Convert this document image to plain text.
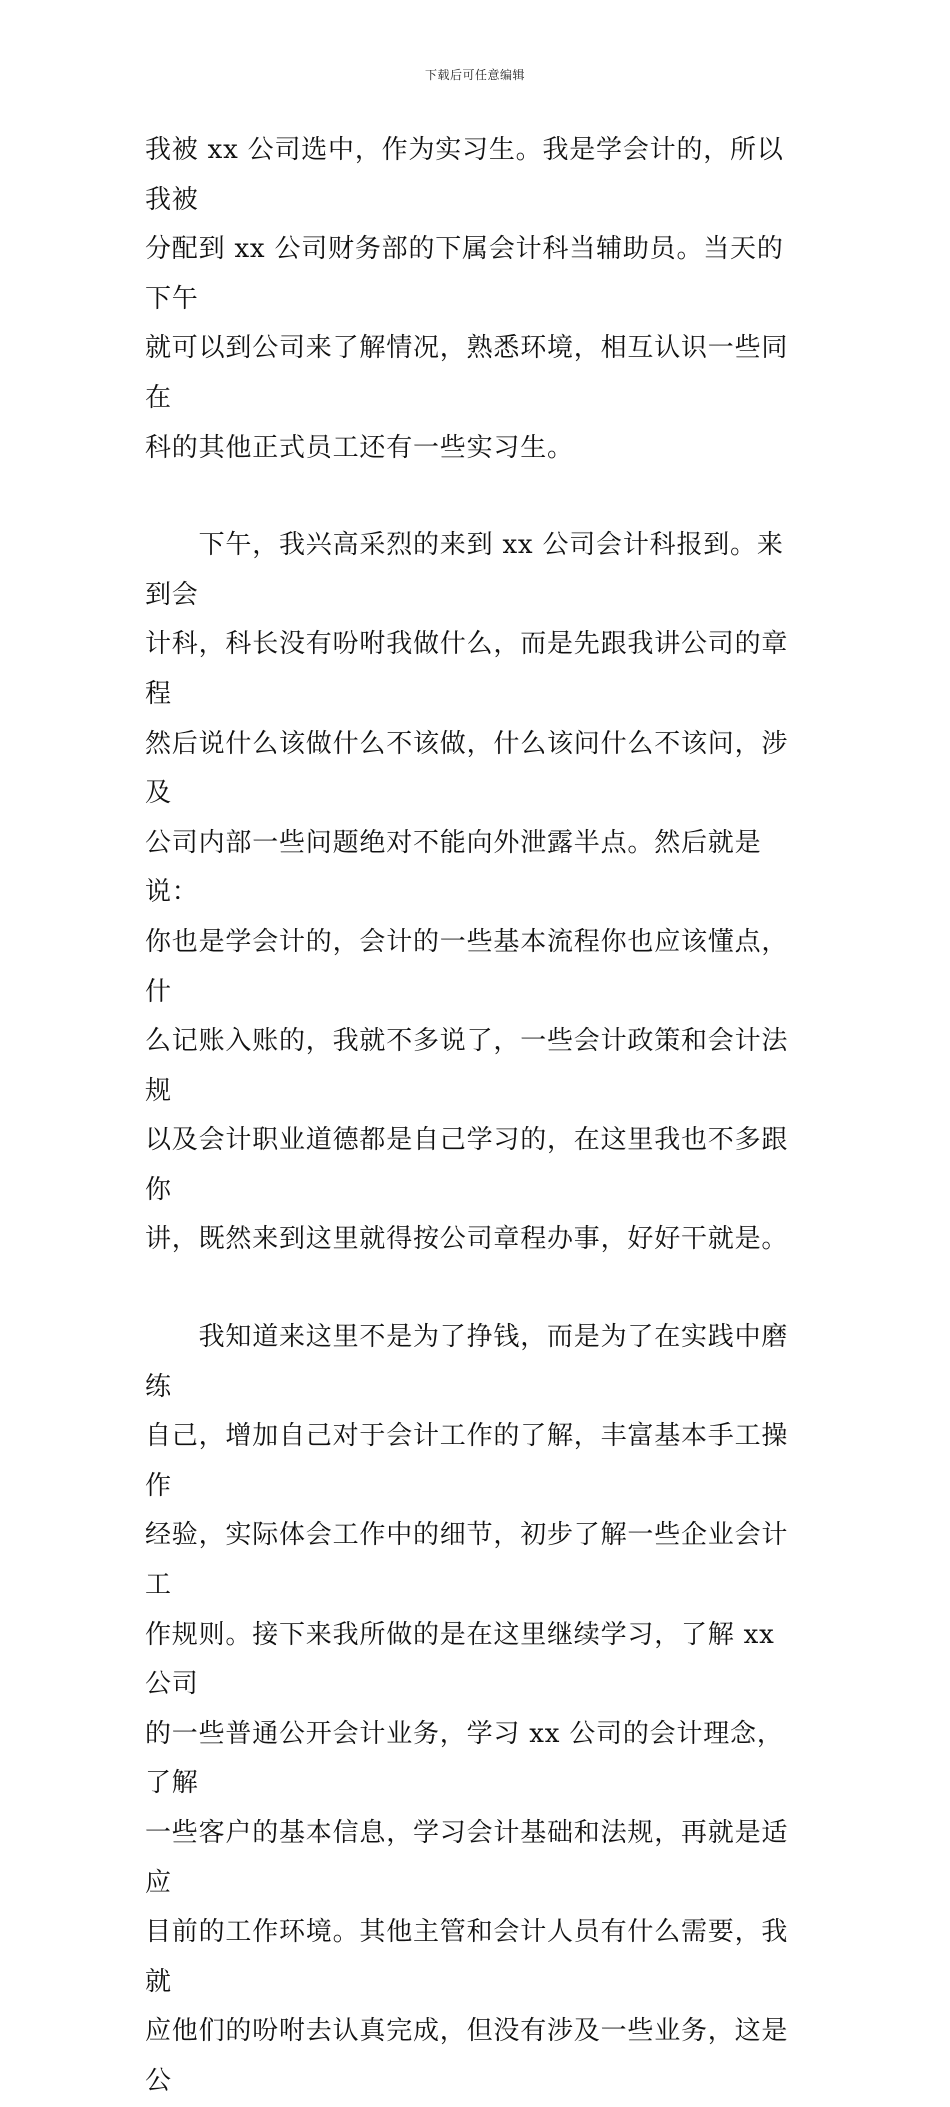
下载后可任意编辑
我被 xx 公司选中，作为实习生。我是学会计的，所以我被
分配到 xx 公司财务部的下属会计科当辅助员。当天的下午
就可以到公司来了解情况，熟悉环境，相互认识一些同在
科的其他正式员工还有一些实习生。
　　下午，我兴高采烈的来到 xx 公司会计科报到。来到会
计科，科长没有吩咐我做什么，而是先跟我讲公司的章程
然后说什么该做什么不该做，什么该问什么不该问，涉及
公司内部一些问题绝对不能向外泄露半点。然后就是说：
你也是学会计的，会计的一些基本流程你也应该懂点，什
么记账入账的，我就不多说了，一些会计政策和会计法规
以及会计职业道德都是自己学习的，在这里我也不多跟你
讲，既然来到这里就得按公司章程办事，好好干就是。
　　我知道来这里不是为了挣钱，而是为了在实践中磨练
自己，增加自己对于会计工作的了解，丰富基本手工操作
经验，实际体会工作中的细节，初步了解一些企业会计工
作规则。接下来我所做的是在这里继续学习，了解 xx 公司
的一些普通公开会计业务，学习 xx 公司的会计理念，了解
一些客户的基本信息，学习会计基础和法规，再就是适应
目前的工作环境。其他主管和会计人员有什么需要，我就
应他们的吩咐去认真完成，但没有涉及一些业务，这是公
